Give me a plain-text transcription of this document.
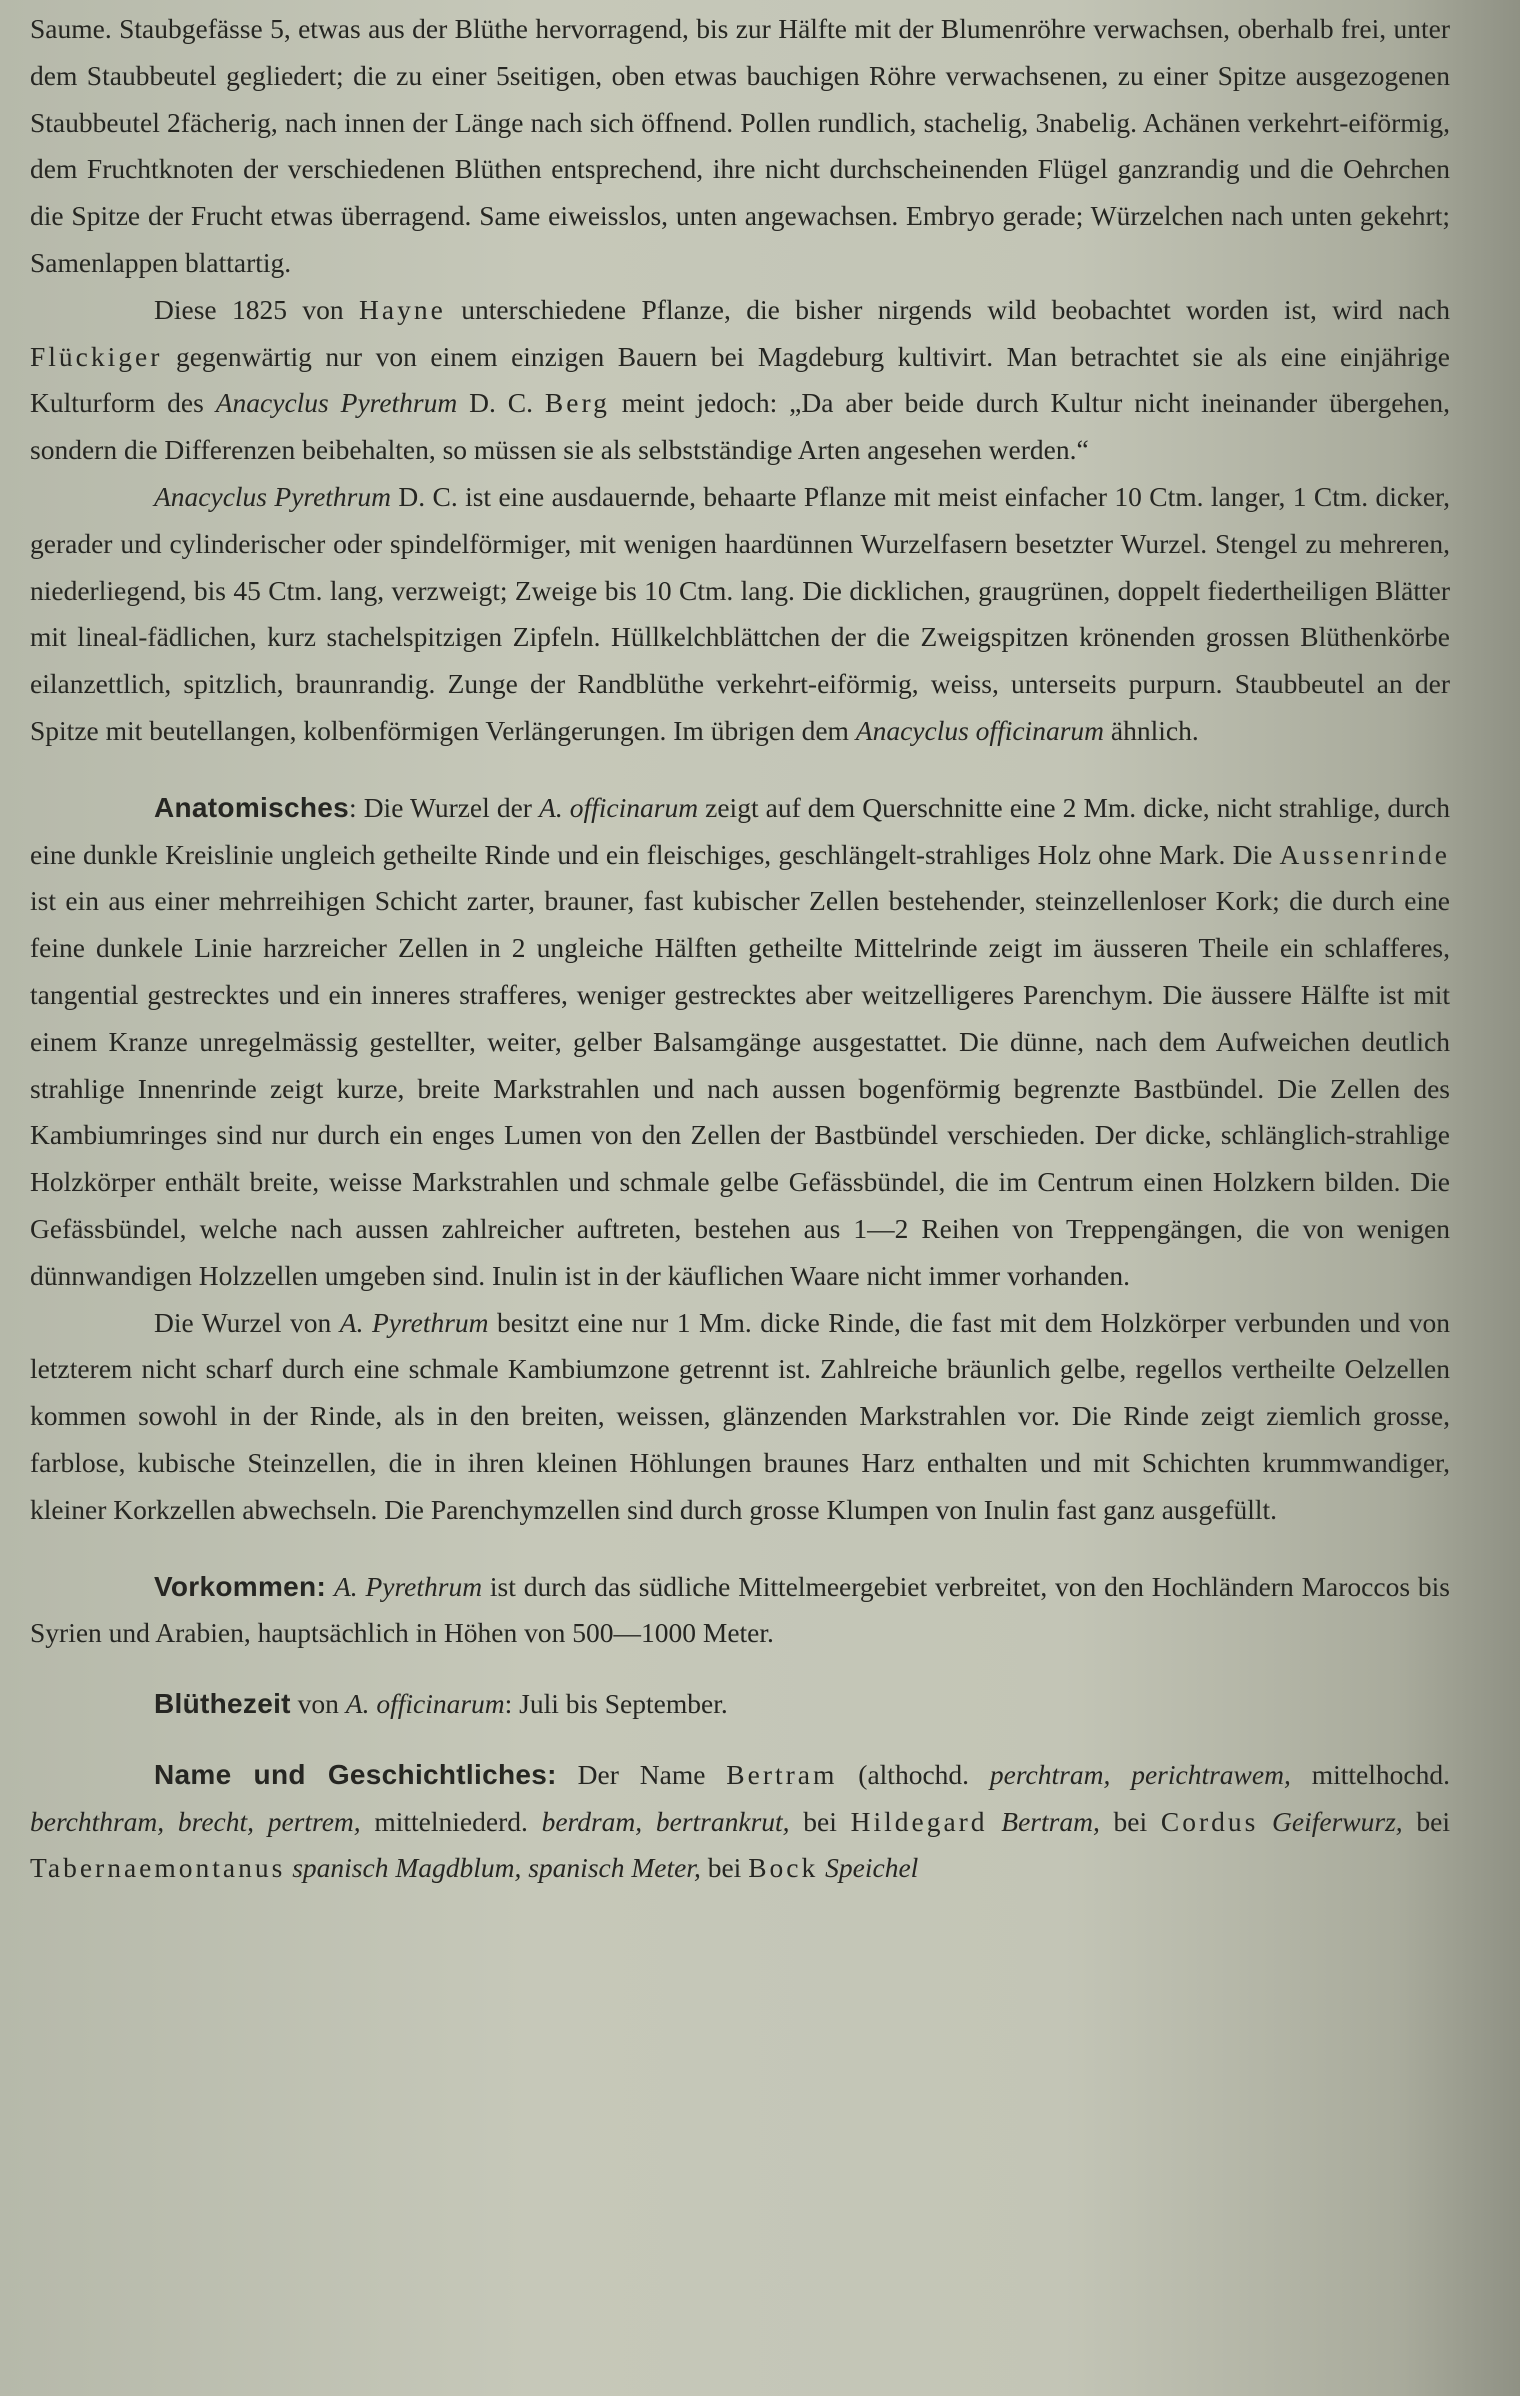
Saume. Staubgefässe 5, etwas aus der Blüthe hervorragend, bis zur Hälfte mit der Blumenröhre verwachsen, oberhalb frei, unter dem Staubbeutel gegliedert; die zu einer 5seitigen, oben etwas bauchigen Röhre verwachsenen, zu einer Spitze ausgezogenen Staubbeutel 2fächerig, nach innen der Länge nach sich öffnend. Pollen rundlich, stachelig, 3nabelig. Achänen verkehrt-eiförmig, dem Fruchtknoten der verschiedenen Blüthen entsprechend, ihre nicht durchscheinenden Flügel ganzrandig und die Oehrchen die Spitze der Frucht etwas überragend. Same eiweisslos, unten angewachsen. Embryo gerade; Würzelchen nach unten gekehrt; Samenlappen blattartig.

Diese 1825 von Hayne unterschiedene Pflanze, die bisher nirgends wild beobachtet worden ist, wird nach Flückiger gegenwärtig nur von einem einzigen Bauern bei Magdeburg kultivirt. Man betrachtet sie als eine einjährige Kulturform des Anacyclus Pyrethrum D. C. Berg meint jedoch: „Da aber beide durch Kultur nicht ineinander übergehen, sondern die Differenzen beibehalten, so müssen sie als selbstständige Arten angesehen werden.“

Anacyclus Pyrethrum D. C. ist eine ausdauernde, behaarte Pflanze mit meist einfacher 10 Ctm. langer, 1 Ctm. dicker, gerader und cylinderischer oder spindelförmiger, mit wenigen haardünnen Wurzelfasern besetzter Wurzel. Stengel zu mehreren, niederliegend, bis 45 Ctm. lang, verzweigt; Zweige bis 10 Ctm. lang. Die dicklichen, graugrünen, doppelt fiedertheiligen Blätter mit lineal-fädlichen, kurz stachelspitzigen Zipfeln. Hüllkelchblättchen der die Zweigspitzen krönenden grossen Blüthenkörbe eilanzettlich, spitzlich, braunrandig. Zunge der Randblüthe verkehrt-eiförmig, weiss, unterseits purpurn. Staubbeutel an der Spitze mit beutellangen, kolbenförmigen Verlängerungen. Im übrigen dem Anacyclus officinarum ähnlich.

Anatomisches: Die Wurzel der A. officinarum zeigt auf dem Querschnitte eine 2 Mm. dicke, nicht strahlige, durch eine dunkle Kreislinie ungleich getheilte Rinde und ein fleischiges, geschlängelt-strahliges Holz ohne Mark. Die Aussenrinde ist ein aus einer mehrreihigen Schicht zarter, brauner, fast kubischer Zellen bestehender, steinzellenloser Kork; die durch eine feine dunkele Linie harzreicher Zellen in 2 ungleiche Hälften getheilte Mittelrinde zeigt im äusseren Theile ein schlafferes, tangential gestrecktes und ein inneres strafferes, weniger gestrecktes aber weitzelligeres Parenchym. Die äussere Hälfte ist mit einem Kranze unregelmässig gestellter, weiter, gelber Balsamgänge ausgestattet. Die dünne, nach dem Aufweichen deutlich strahlige Innenrinde zeigt kurze, breite Markstrahlen und nach aussen bogenförmig begrenzte Bastbündel. Die Zellen des Kambiumringes sind nur durch ein enges Lumen von den Zellen der Bastbündel verschieden. Der dicke, schlänglich-strahlige Holzkörper enthält breite, weisse Markstrahlen und schmale gelbe Gefässbündel, die im Centrum einen Holzkern bilden. Die Gefässbündel, welche nach aussen zahlreicher auftreten, bestehen aus 1—2 Reihen von Treppengängen, die von wenigen dünnwandigen Holzzellen umgeben sind. Inulin ist in der käuflichen Waare nicht immer vorhanden.

Die Wurzel von A. Pyrethrum besitzt eine nur 1 Mm. dicke Rinde, die fast mit dem Holzkörper verbunden und von letzterem nicht scharf durch eine schmale Kambiumzone getrennt ist. Zahlreiche bräunlich gelbe, regellos vertheilte Oelzellen kommen sowohl in der Rinde, als in den breiten, weissen, glänzenden Markstrahlen vor. Die Rinde zeigt ziemlich grosse, farblose, kubische Steinzellen, die in ihren kleinen Höhlungen braunes Harz enthalten und mit Schichten krummwandiger, kleiner Korkzellen abwechseln. Die Parenchymzellen sind durch grosse Klumpen von Inulin fast ganz ausgefüllt.

Vorkommen: A. Pyrethrum ist durch das südliche Mittelmeergebiet verbreitet, von den Hochländern Maroccos bis Syrien und Arabien, hauptsächlich in Höhen von 500—1000 Meter.

Blüthezeit von A. officinarum: Juli bis September.

Name und Geschichtliches: Der Name Bertram (althochd. perchtram, perichtrawem, mittelhochd. berchthram, brecht, pertrem, mittelniederd. berdram, bertrankrut, bei Hildegard Bertram, bei Cordus Geiferwurz, bei Tabernaemontanus spanisch Magdblum, spanisch Meter, bei Bock Speichel
